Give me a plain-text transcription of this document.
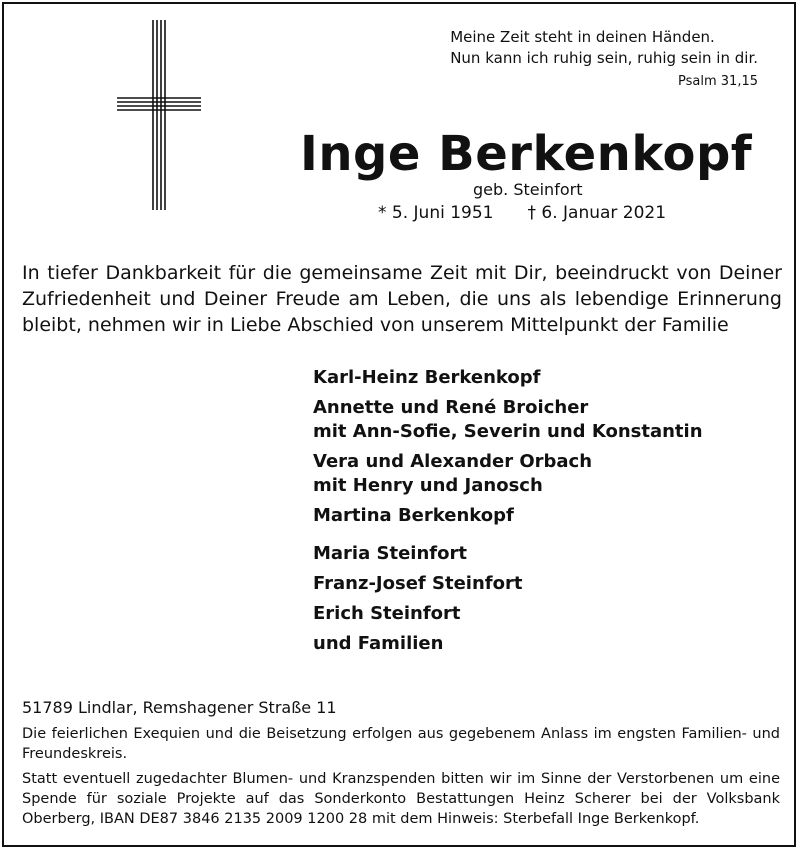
Meine Zeit steht in deinen Händen.
Nun kann ich ruhig sein, ruhig sein in dir.
Psalm 31,15
Inge Berkenkopf
geb. Steinfort
* 5. Juni 1951 † 6. Januar 2021
In tiefer Dankbarkeit für die gemeinsame Zeit mit Dir, beeindruckt von Deiner Zufriedenheit und Deiner Freude am Leben, die uns als lebendige Erinnerung bleibt, nehmen wir in Liebe Abschied von unserem Mittelpunkt der Familie
Karl-Heinz Berkenkopf
Annette und René Broicher
mit Ann-Sofie, Severin und Konstantin
Vera und Alexander Orbach
mit Henry und Janosch
Martina Berkenkopf
Maria Steinfort
Franz-Josef Steinfort
Erich Steinfort
und Familien
51789 Lindlar, Remshagener Straße 11
Die feierlichen Exequien und die Beisetzung erfolgen aus gegebenem Anlass im engsten Familien- und Freundeskreis.
Statt eventuell zugedachter Blumen- und Kranzspenden bitten wir im Sinne der Verstorbenen um eine Spende für soziale Projekte auf das Sonderkonto Bestattungen Heinz Scherer bei der Volksbank Oberberg, IBAN DE87 3846 2135 2009 1200 28 mit dem Hinweis: Sterbefall Inge Berkenkopf.
